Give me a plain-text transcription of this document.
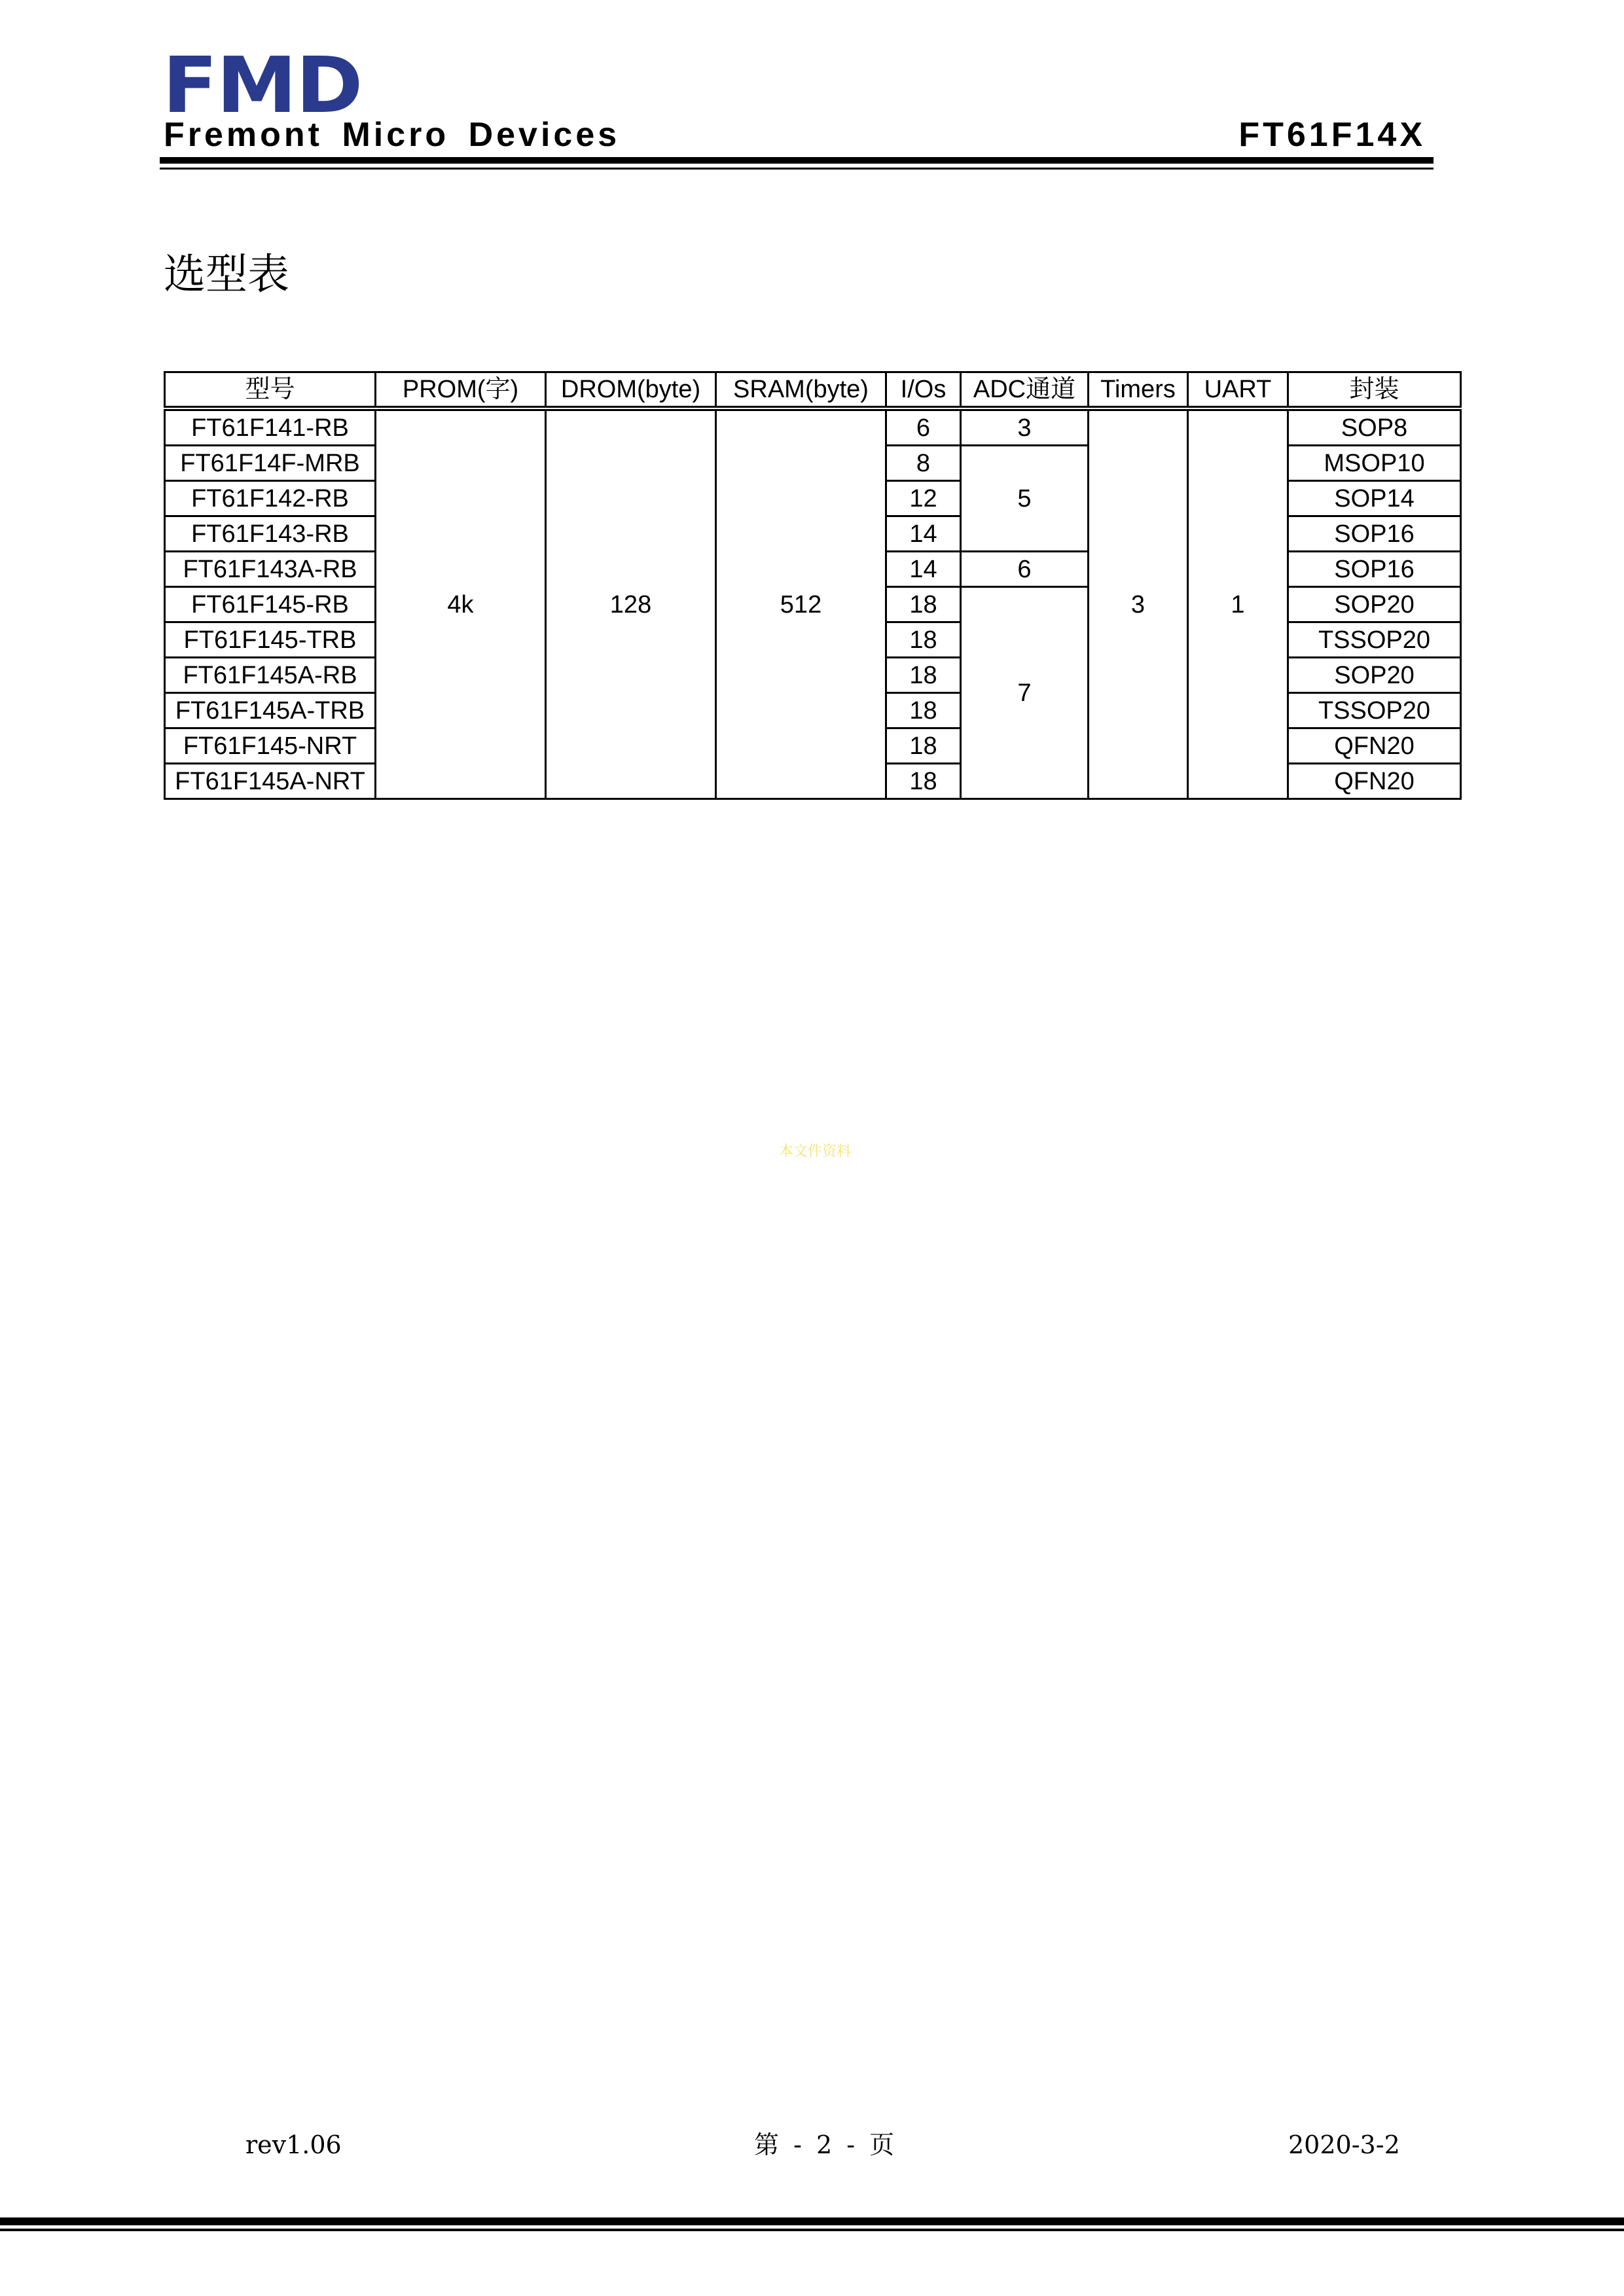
FMD
Fremont Micro Devices	FT61F14X
选型表
型号	PROM(字)	DROM(byte)	SRAM(byte)	I/Os	ADC通道	Timers	UART	封装
FT61F141-RB	4k	128	512	6	3	3	1	SOP8
FT61F14F-MRB				8	5			MSOP10
FT61F142-RB				12				SOP14
FT61F143-RB				14				SOP16
FT61F143A-RB				14	6			SOP16
FT61F145-RB				18	7			SOP20
FT61F145-TRB				18				TSSOP20
FT61F145A-RB				18				SOP20
FT61F145A-TRB				18				TSSOP20
FT61F145-NRT				18				QFN20
FT61F145A-NRT				18				QFN20
本文件资料
rev1.06	第 - 2 - 页	2020-3-2
